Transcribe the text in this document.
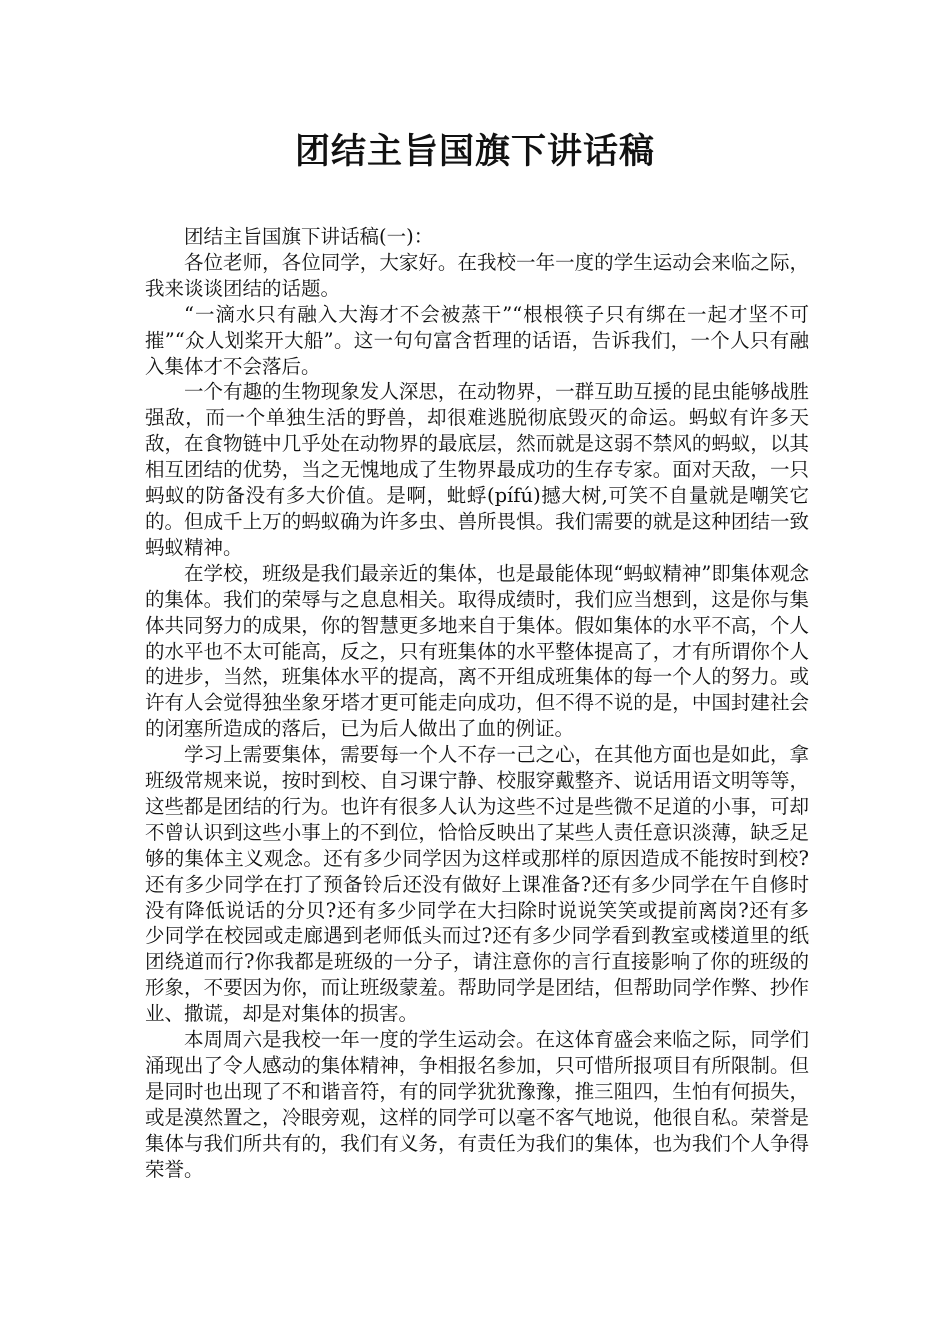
团结主旨国旗下讲话稿

团结主旨国旗下讲话稿(一)：

各位老师，各位同学，大家好。在我校一年一度的学生运动会来临之际，我来谈谈团结的话题。

“一滴水只有融入大海才不会被蒸干”“根根筷子只有绑在一起才坚不可摧”“众人划桨开大船”。这一句句富含哲理的话语，告诉我们，一个人只有融入集体才不会落后。

一个有趣的生物现象发人深思，在动物界，一群互助互援的昆虫能够战胜强敌，而一个单独生活的野兽，却很难逃脱彻底毁灭的命运。蚂蚁有许多天敌，在食物链中几乎处在动物界的最底层，然而就是这弱不禁风的蚂蚁，以其相互团结的优势，当之无愧地成了生物界最成功的生存专家。面对天敌，一只蚂蚁的防备没有多大价值。是啊，蚍蜉(pífú)撼大树,可笑不自量就是嘲笑它的。但成千上万的蚂蚁确为许多虫、兽所畏惧。我们需要的就是这种团结一致蚂蚁精神。

在学校，班级是我们最亲近的集体，也是最能体现“蚂蚁精神”即集体观念的集体。我们的荣辱与之息息相关。取得成绩时，我们应当想到，这是你与集体共同努力的成果，你的智慧更多地来自于集体。假如集体的水平不高，个人的水平也不太可能高，反之，只有班集体的水平整体提高了，才有所谓你个人的进步，当然，班集体水平的提高，离不开组成班集体的每一个人的努力。或许有人会觉得独坐象牙塔才更可能走向成功，但不得不说的是，中国封建社会的闭塞所造成的落后，已为后人做出了血的例证。

学习上需要集体，需要每一个人不存一己之心，在其他方面也是如此，拿班级常规来说，按时到校、自习课宁静、校服穿戴整齐、说话用语文明等等，这些都是团结的行为。也许有很多人认为这些不过是些微不足道的小事，可却不曾认识到这些小事上的不到位，恰恰反映出了某些人责任意识淡薄，缺乏足够的集体主义观念。还有多少同学因为这样或那样的原因造成不能按时到校?还有多少同学在打了预备铃后还没有做好上课准备?还有多少同学在午自修时没有降低说话的分贝?还有多少同学在大扫除时说说笑笑或提前离岗?还有多少同学在校园或走廊遇到老师低头而过?还有多少同学看到教室或楼道里的纸团绕道而行?你我都是班级的一分子，请注意你的言行直接影响了你的班级的形象，不要因为你，而让班级蒙羞。帮助同学是团结，但帮助同学作弊、抄作业、撒谎，却是对集体的损害。

本周周六是我校一年一度的学生运动会。在这体育盛会来临之际，同学们涌现出了令人感动的集体精神，争相报名参加，只可惜所报项目有所限制。但是同时也出现了不和谐音符，有的同学犹犹豫豫，推三阻四，生怕有何损失，或是漠然置之，冷眼旁观，这样的同学可以毫不客气地说，他很自私。荣誉是集体与我们所共有的，我们有义务，有责任为我们的集体，也为我们个人争得荣誉。
